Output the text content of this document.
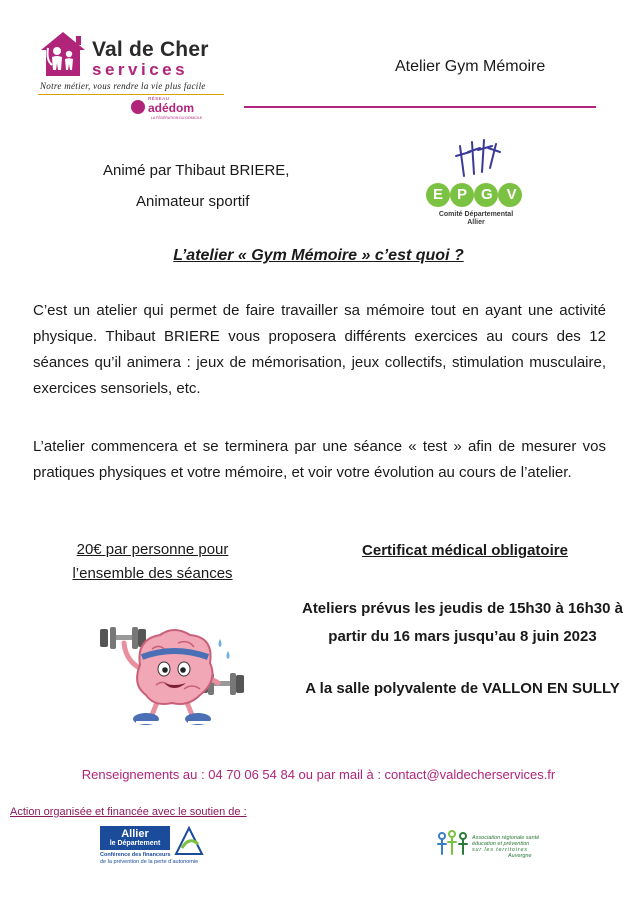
Val de Cher
services
Notre métier, vous rendre la vie plus facile
RÉSEAU
adédom
LA FÉDÉRATION DU DOMICILE
Atelier Gym Mémoire
Animé par Thibaut BRIERE,
Animateur sportif	EPGV
Comité Départemental
Allier
L’atelier « Gym Mémoire » c’est quoi ?
C’est un atelier qui permet de faire travailler sa mémoire tout en ayant une activité physique. Thibaut BRIERE vous proposera différents exercices au cours des 12 séances qu’il animera : jeux de mémorisation, jeux collectifs, stimulation musculaire, exercices sensoriels, etc.
L’atelier commencera et se terminera par une séance « test » afin de mesurer vos pratiques physiques et votre mémoire, et voir votre évolution au cours de l’atelier.
20€ par personne pour
l’ensemble des séances
Certificat médical obligatoire
Ateliers prévus les jeudis de 15h30 à 16h30 à partir du 16 mars jusqu’au 8 juin 2023
A la salle polyvalente de VALLON EN SULLY
Renseignements au : 04 70 06 54 84 ou par mail à : contact@valdecherservices.fr
Action organisée et financée avec le soutien de :
Allier
le Département
Conférence des financeurs
de la prévention de la perte d’autonomie
Association régionale santé
éducation et prévention
sur les territoires
Auvergne
